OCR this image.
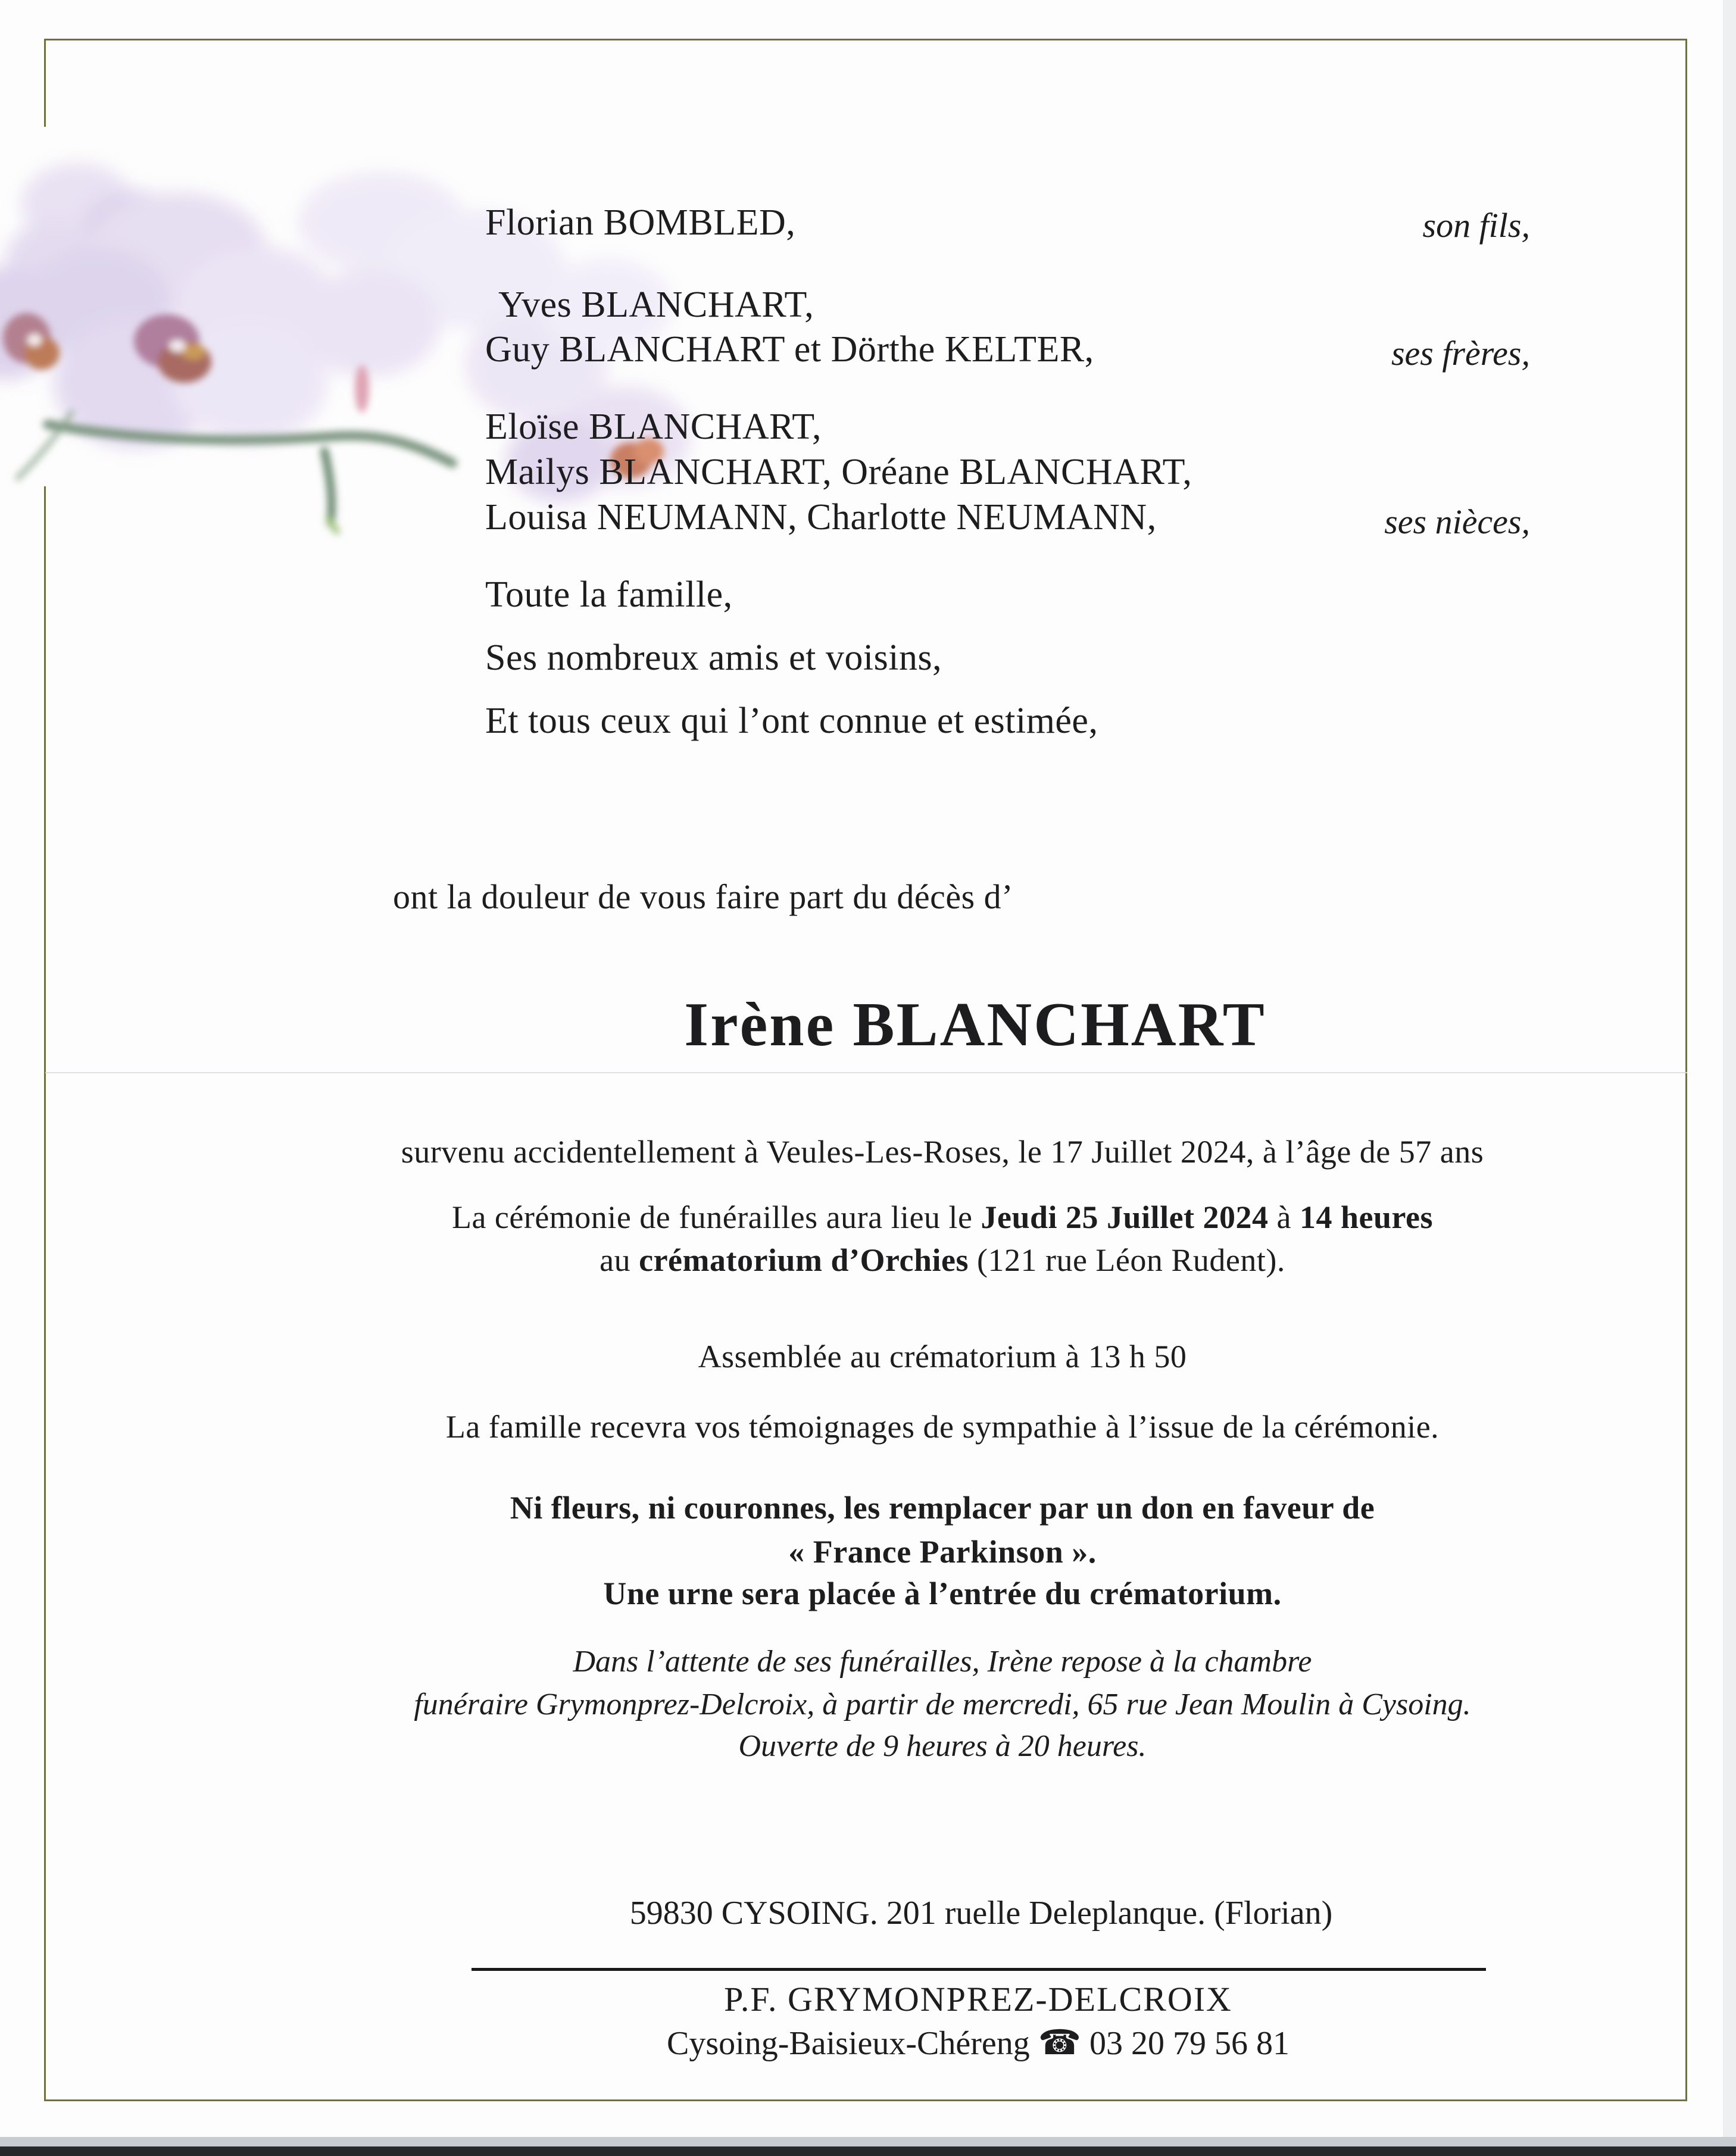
Florian BOMBLED,
Yves BLANCHART,
Guy BLANCHART et Dörthe KELTER,
Eloïse BLANCHART,
Mailys BLANCHART, Oréane BLANCHART,
Louisa NEUMANN, Charlotte NEUMANN,
Toute la famille,
Ses nombreux amis et voisins,
Et tous ceux qui l’ont connue et estimée,
son fils,
ses frères,
ses nièces,
ont la douleur de vous faire part du décès d’
Irène BLANCHART
survenu accidentellement à Veules-Les-Roses, le 17 Juillet 2024, à l’âge de 57 ans
La cérémonie de funérailles aura lieu le Jeudi 25 Juillet 2024 à 14 heures
au crématorium d’Orchies (121 rue Léon Rudent).
Assemblée au crématorium à 13 h 50
La famille recevra vos témoignages de sympathie à l’issue de la cérémonie.
Ni fleurs, ni couronnes, les remplacer par un don en faveur de
« France Parkinson ».
Une urne sera placée à l’entrée du crématorium.
Dans l’attente de ses funérailles, Irène repose à la chambre
funéraire Grymonprez-Delcroix, à partir de mercredi, 65 rue Jean Moulin à Cysoing.
Ouverte de 9 heures à 20 heures.
59830 CYSOING. 201 ruelle Deleplanque. (Florian)
P.F. GRYMONPREZ-DELCROIX
Cysoing-Baisieux-Chéreng ☎ 03 20 79 56 81
